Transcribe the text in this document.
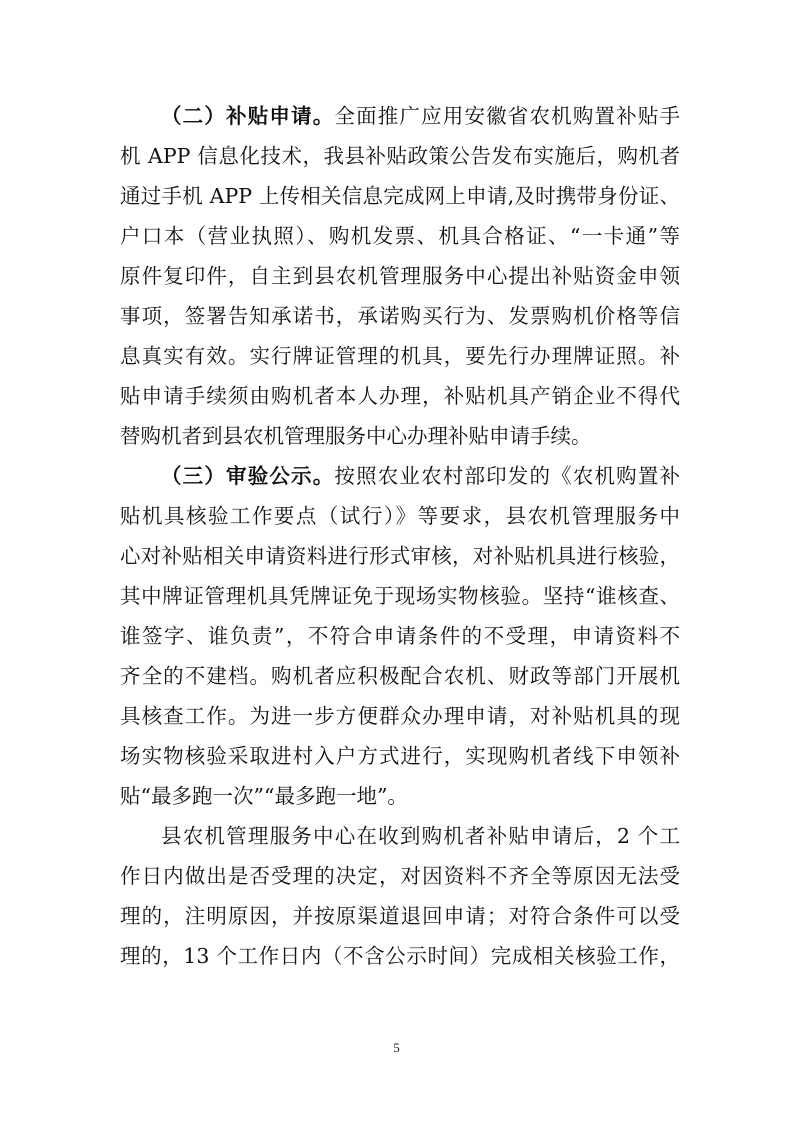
（二）补贴申请。全面推广应用安徽省农机购置补贴手
机 APP 信息化技术，我县补贴政策公告发布实施后，购机者
通过手机 APP 上传相关信息完成网上申请,及时携带身份证、
户口本（营业执照）、购机发票、机具合格证、“一卡通”等
原件复印件，自主到县农机管理服务中心提出补贴资金申领
事项，签署告知承诺书，承诺购买行为、发票购机价格等信
息真实有效。实行牌证管理的机具，要先行办理牌证照。补
贴申请手续须由购机者本人办理，补贴机具产销企业不得代
替购机者到县农机管理服务中心办理补贴申请手续。
（三）审验公示。按照农业农村部印发的《农机购置补
贴机具核验工作要点（试行）》等要求，县农机管理服务中
心对补贴相关申请资料进行形式审核，对补贴机具进行核验，
其中牌证管理机具凭牌证免于现场实物核验。坚持“谁核查、
谁签字、谁负责”，不符合申请条件的不受理，申请资料不
齐全的不建档。购机者应积极配合农机、财政等部门开展机
具核查工作。为进一步方便群众办理申请，对补贴机具的现
场实物核验采取进村入户方式进行，实现购机者线下申领补
贴“最多跑一次”“最多跑一地”。
县农机管理服务中心在收到购机者补贴申请后，2 个工
作日内做出是否受理的决定，对因资料不齐全等原因无法受
理的，注明原因，并按原渠道退回申请；对符合条件可以受
理的，13 个工作日内（不含公示时间）完成相关核验工作，
5
